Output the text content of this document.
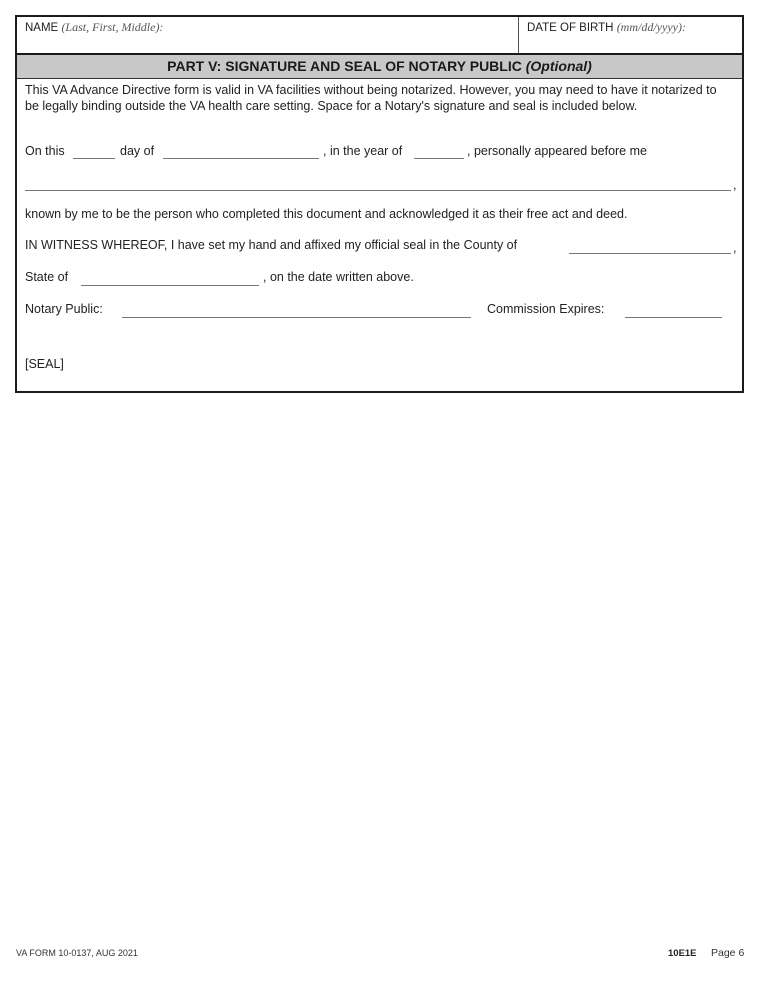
NAME (Last, First, Middle):	DATE OF BIRTH (mm/dd/yyyy):
PART V: SIGNATURE AND SEAL OF NOTARY PUBLIC (Optional)
This VA Advance Directive form is valid in VA facilities without being notarized. However, you may need to have it notarized to be legally binding outside the VA health care setting. Space for a Notary's signature and seal is included below.
On this	day of	, in the year of	, personally appeared before me
,
known by me to be the person who completed this document and acknowledged it as their free act and deed.
IN WITNESS WHEREOF, I have set my hand and affixed my official seal in the County of	,
State of	, on the date written above.
Notary Public:	Commission Expires:
[SEAL]
VA FORM 10-0137, AUG 2021	10E1E Page 6
